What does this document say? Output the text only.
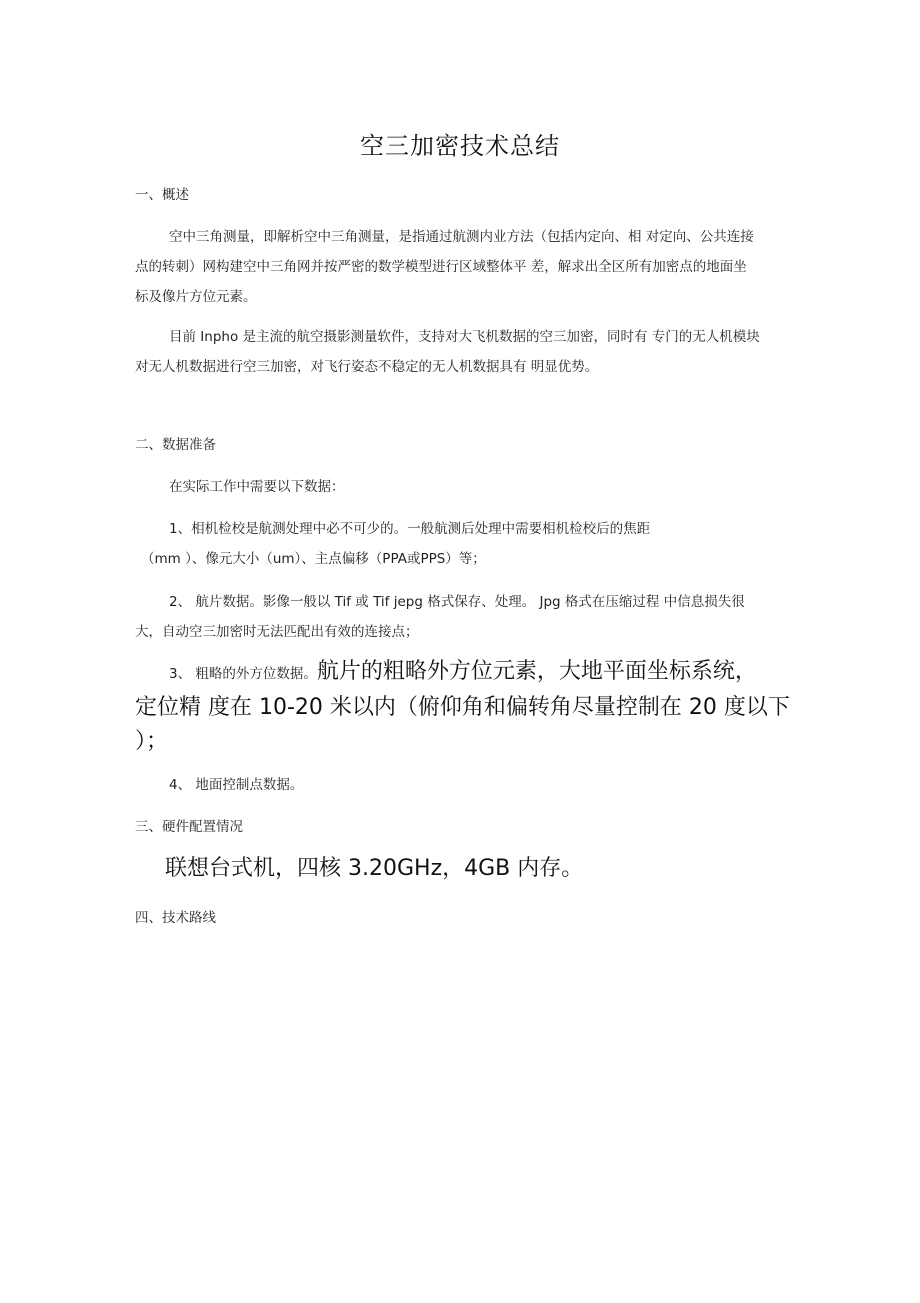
空三加密技术总结
一、概述

空中三角测量，即解析空中三角测量，是指通过航测内业方法（包括内定向、相 对定向、公共连接点的转刺）网构建空中三角网并按严密的数学模型进行区域整体平 差，解求出全区所有加密点的地面坐标及像片方位元素。

目前 Inpho 是主流的航空摄影测量软件，支持对大飞机数据的空三加密，同时有 专门的无人机模块对无人机数据进行空三加密，对飞行姿态不稳定的无人机数据具有 明显优势。

二、数据准备

在实际工作中需要以下数据：

1、相机检校是航测处理中必不可少的。一般航测后处理中需要相机检校后的焦距

（mm ）、像元大小（um）、主点偏移（PPA或PPS）等；

2、 航片数据。影像一般以 Tif 或 Tif jepg 格式保存、处理。 Jpg 格式在压缩过程 中信息损失很大，自动空三加密时无法匹配出有效的连接点；

3、 粗略的外方位数据。航片的粗略外方位元素，大地平面坐标系统，
定位精 度在 10-20 米以内（俯仰角和偏转角尽量控制在 20 度以下
）；

4、 地面控制点数据。

三、硬件配置情况

联想台式机，四核 3.20GHz，4GB 内存。

四、技术路线
